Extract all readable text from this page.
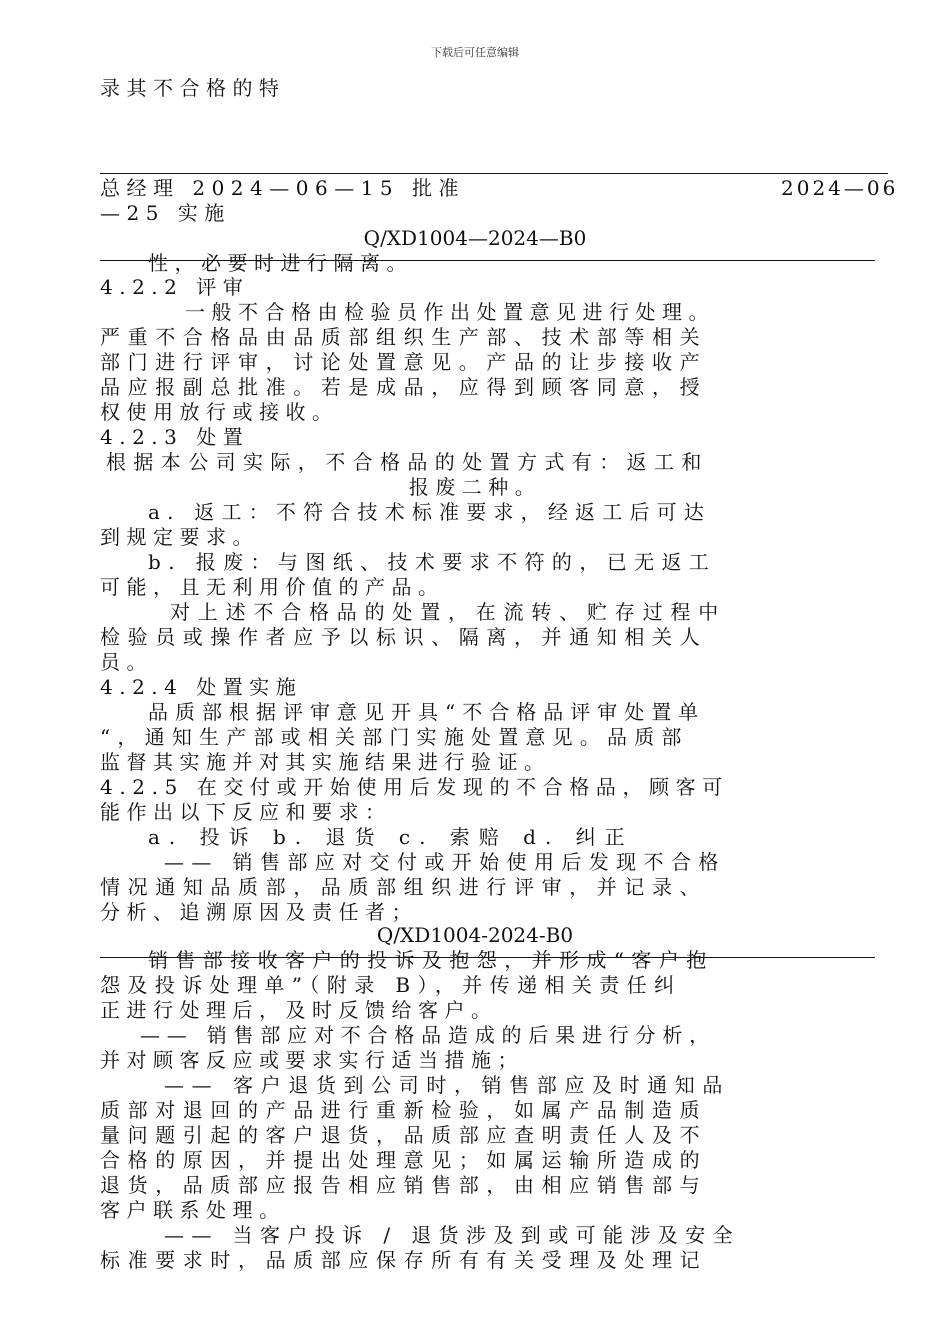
下载后可任意编辑
录其不合格的特
总经理 2024—06—15 批准	2024—06
—25 实施
Q/XD1004—2024—B0
性，必要时进行隔离。
4.2.2 评审
一般不合格由检验员作出处置意见进行处理。
严重不合格品由品质部组织生产部、技术部等相关
部门进行评审，讨论处置意见。产品的让步接收产
品应报副总批准。若是成品，应得到顾客同意，授
权使用放行或接收。
4.2.3 处置
根据本公司实际，不合格品的处置方式有：返工和
报废二种。
a. 返工：不符合技术标准要求，经返工后可达
到规定要求。
b. 报废：与图纸、技术要求不符的，已无返工
可能，且无利用价值的产品。
对上述不合格品的处置，在流转、贮存过程中
检验员或操作者应予以标识、隔离，并通知相关人
员。
4.2.4 处置实施
品质部根据评审意见开具“不合格品评审处置单
“，通知生产部或相关部门实施处置意见。品质部
监督其实施并对其实施结果进行验证。
4.2.5 在交付或开始使用后发现的不合格品，顾客可
能作出以下反应和要求：
a. 投诉 b. 退货 c. 索赔 d. 纠正
—— 销售部应对交付或开始使用后发现不合格
情况通知品质部，品质部组织进行评审，并记录、
分析、追溯原因及责任者；
Q/XD1004-2024-B0
销售部接收客户的投诉及抱怨，并形成“客户抱
怨及投诉处理单”（附录 B），并传递相关责任纠
正进行处理后，及时反馈给客户。
—— 销售部应对不合格品造成的后果进行分析，
并对顾客反应或要求实行适当措施；
—— 客户退货到公司时，销售部应及时通知品
质部对退回的产品进行重新检验，如属产品制造质
量问题引起的客户退货，品质部应查明责任人及不
合格的原因，并提出处理意见；如属运输所造成的
退货，品质部应报告相应销售部，由相应销售部与
客户联系处理。
—— 当客户投诉 / 退货涉及到或可能涉及安全
标准要求时，品质部应保存所有有关受理及处理记
